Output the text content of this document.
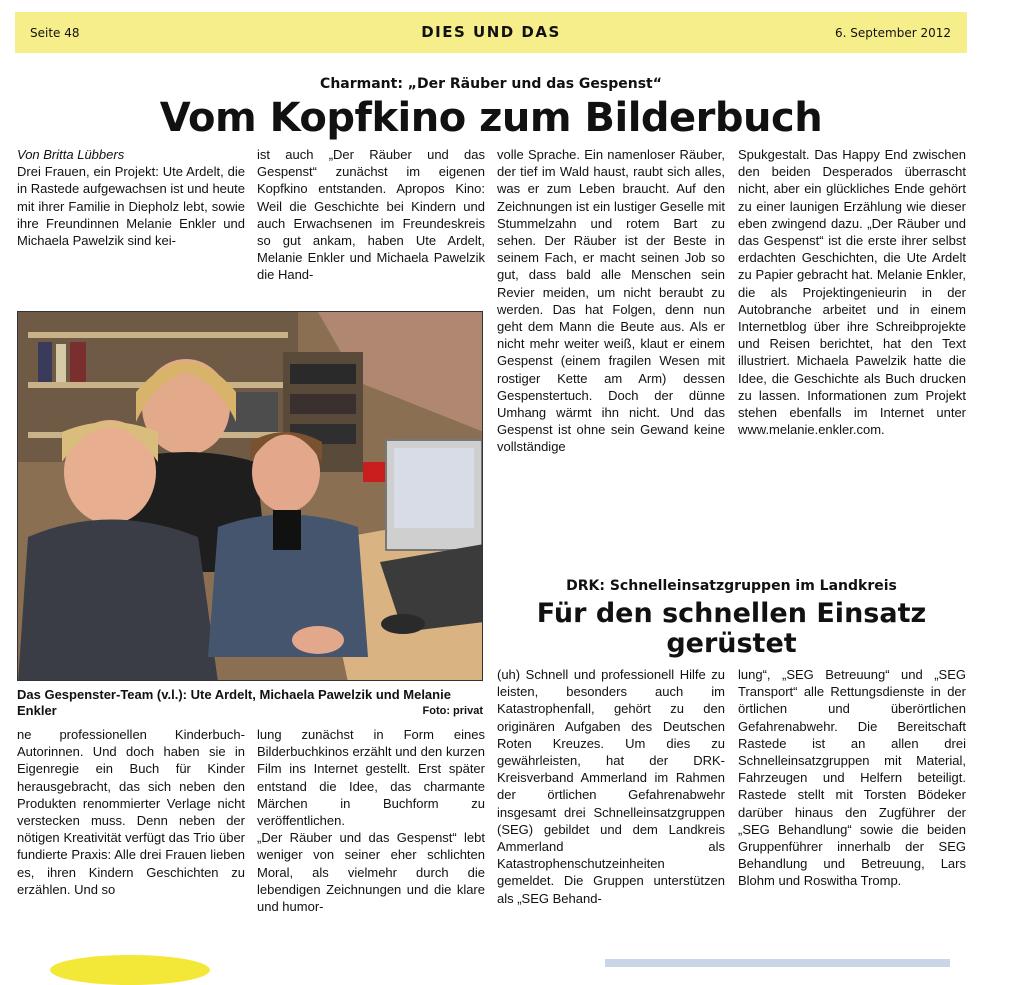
Seite 48	DIES UND DAS	6. September 2012
Charmant: „Der Räuber und das Gespenst“
Vom Kopfkino zum Bilderbuch

Von Britta Lübbers

Drei Frauen, ein Projekt: Ute Ardelt, die in Rastede aufgewachsen ist und heute mit ihrer Familie in Diepholz lebt, sowie ihre Freundinnen Melanie Enkler und Michaela Pawelzik sind kei-

ist auch „Der Räuber und das Gespenst“ zunächst im eigenen Kopfkino entstanden. Apropos Kino: Weil die Geschichte bei Kindern und auch Erwachsenen im Freundeskreis so gut ankam, haben Ute Ardelt, Melanie Enkler und Michaela Pawelzik die Hand-

volle Sprache. Ein namenloser Räuber, der tief im Wald haust, raubt sich alles, was er zum Leben braucht. Auf den Zeichnungen ist ein lustiger Geselle mit Stummelzahn und rotem Bart zu sehen. Der Räuber ist der Beste in seinem Fach, er macht seinen Job so gut, dass bald alle Menschen sein Revier meiden, um nicht beraubt zu werden. Das hat Folgen, denn nun geht dem Mann die Beute aus. Als er nicht mehr weiter weiß, klaut er einem Gespenst (einem fragilen Wesen mit rostiger Kette am Arm) dessen Gespenstertuch. Doch der dünne Umhang wärmt ihn nicht. Und das Gespenst ist ohne sein Gewand keine vollständige

Spukgestalt. Das Happy End zwischen den beiden Desperados überrascht nicht, aber ein glückliches Ende gehört zu einer launigen Erzählung wie dieser eben zwingend dazu. „Der Räuber und das Gespenst“ ist die erste ihrer selbst erdachten Geschichten, die Ute Ardelt zu Papier gebracht hat. Melanie Enkler, die als Projektingenieurin in der Autobranche arbeitet und in einem Internetblog über ihre Schreibprojekte und Reisen berichtet, hat den Text illustriert. Michaela Pawelzik hatte die Idee, die Geschichte als Buch drucken zu lassen. Informationen zum Projekt stehen ebenfalls im Internet unter www.melanie.enkler.com.

Das Gespenster-Team (v.l.): Ute Ardelt, Michaela Pawelzik und Melanie Enkler	Foto: privat

ne professionellen Kinderbuch-Autorinnen. Und doch haben sie in Eigenregie ein Buch für Kinder herausgebracht, das sich neben den Produkten renommierter Verlage nicht verstecken muss. Denn neben der nötigen Kreativität verfügt das Trio über fundierte Praxis: Alle drei Frauen lieben es, ihren Kindern Geschichten zu erzählen. Und so

lung zunächst in Form eines Bilderbuchkinos erzählt und den kurzen Film ins Internet gestellt. Erst später entstand die Idee, das charmante Märchen in Buchform zu veröffentlichen.

„Der Räuber und das Gespenst“ lebt weniger von seiner eher schlichten Moral, als vielmehr durch die lebendigen Zeichnungen und die klare und humor-

DRK: Schnelleinsatzgruppen im Landkreis
Für den schnellen Einsatz gerüstet

(uh) Schnell und professionell Hilfe zu leisten, besonders auch im Katastrophenfall, gehört zu den originären Aufgaben des Deutschen Roten Kreuzes. Um dies zu gewährleisten, hat der DRK-Kreisverband Ammerland im Rahmen der örtlichen Gefahrenabwehr insgesamt drei Schnelleinsatzgruppen (SEG) gebildet und dem Landkreis Ammerland als Katastrophenschutzeinheiten gemeldet. Die Gruppen unterstützen als „SEG Behand-

lung“, „SEG Betreuung“ und „SEG Transport“ alle Rettungsdienste in der örtlichen und überörtlichen Gefahrenabwehr. Die Bereitschaft Rastede ist an allen drei Schnelleinsatzgruppen mit Material, Fahrzeugen und Helfern beteiligt. Rastede stellt mit Torsten Bödeker darüber hinaus den Zugführer der „SEG Behandlung“ sowie die beiden Gruppenführer innerhalb der SEG Behandlung und Betreuung, Lars Blohm und Roswitha Tromp.
